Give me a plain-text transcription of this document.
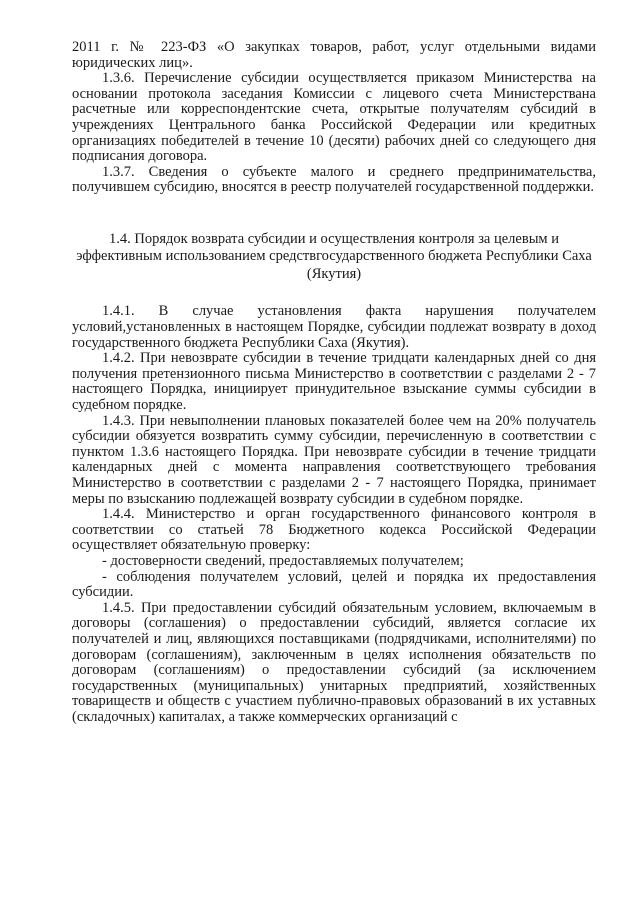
2011 г. № 223-ФЗ «О закупках товаров, работ, услуг отдельными видами юридических лиц».

1.3.6. Перечисление субсидии осуществляется приказом Министерства на основании протокола заседания Комиссии с лицевого счета Министерствана расчетные или корреспондентские счета, открытые получателям субсидий в учреждениях Центрального банка Российской Федерации или кредитных организациях победителей в течение 10 (десяти) рабочих дней со следующего дня подписания договора.

1.3.7. Сведения о субъекте малого и среднего предпринимательства, получившем субсидию, вносятся в реестр получателей государственной поддержки.

1.4. Порядок возврата субсидии и осуществления контроля за целевым и эффективным использованием средствгосударственного бюджета Республики Саха (Якутия)

1.4.1. В случае установления факта нарушения получателем условий,установленных в настоящем Порядке, субсидии подлежат возврату в доход государственного бюджета Республики Саха (Якутия).

1.4.2. При невозврате субсидии в течение тридцати календарных дней со дня получения претензионного письма Министерство в соответствии с разделами 2 - 7 настоящего Порядка, инициирует принудительное взыскание суммы субсидии в судебном порядке.

1.4.3. При невыполнении плановых показателей более чем на 20% получатель субсидии обязуется возвратить сумму субсидии, перечисленную в соответствии с пунктом 1.3.6 настоящего Порядка. При невозврате субсидии в течение тридцати календарных дней с момента направления соответствующего требования Министерство в соответствии с разделами 2 - 7 настоящего Порядка, принимает меры по взысканию подлежащей возврату субсидии в судебном порядке.

1.4.4. Министерство и орган государственного финансового контроля в соответствии со статьей 78 Бюджетного кодекса Российской Федерации осуществляет обязательную проверку:

- достоверности сведений, предоставляемых получателем;

- соблюдения получателем условий, целей и порядка их предоставления субсидии.

1.4.5. При предоставлении субсидий обязательным условием, включаемым в договоры (соглашения) о предоставлении субсидий, является согласие их получателей и лиц, являющихся поставщиками (подрядчиками, исполнителями) по договорам (соглашениям), заключенным в целях исполнения обязательств по договорам (соглашениям) о предоставлении субсидий (за исключением государственных (муниципальных) унитарных предприятий, хозяйственных товариществ и обществ с участием публично-правовых образований в их уставных (складочных) капиталах, а также коммерческих организаций с
